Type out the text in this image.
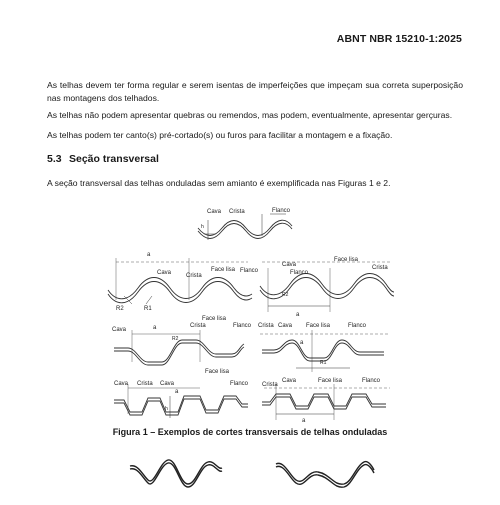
ABNT NBR 15210-1:2025

As telhas devem ter forma regular e serem isentas de imperfeições que impeçam sua correta superposição nas montagens dos telhados.

As telhas não podem apresentar quebras ou remendos, mas podem, eventualmente, apresentar gerçuras.

As telhas podem ter canto(s) pré-cortado(s) ou furos para facilitar a montagem e a fixação.

5.3 Seção transversal

A seção transversal das telhas onduladas sem amianto é exemplificada nas Figuras 1 e 2.

Cava Crista	Flanco
h
a
Cava Crista
Face lisa Flanco
R2	R1
Cava
Flanco
Face lisa
Crista
a
R2
Cava	a	Crista
Face lisa
Flanco
R2
Crista Cava Face lisa	Flanco
a
R1
Cava Crista Cava
Face lisa
Flanco
a
h
Crista
Cava	Face lisa	Flanco
a
Figura 1 – Exemplos de cortes transversais de telhas onduladas
